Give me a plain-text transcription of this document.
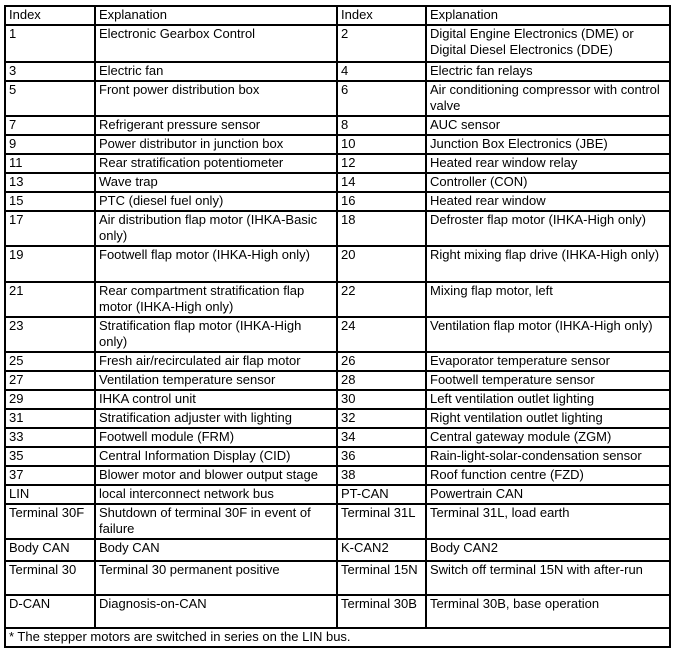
Index	Explanation	Index	Explanation
1	Electronic Gearbox Control	2	Digital Engine Electronics (DME) or Digital Diesel Electronics (DDE)
3	Electric fan	4	Electric fan relays
5	Front power distribution box	6	Air conditioning compressor with control valve
7	Refrigerant pressure sensor	8	AUC sensor
9	Power distributor in junction box	10	Junction Box Electronics (JBE)
11	Rear stratification potentiometer	12	Heated rear window relay
13	Wave trap	14	Controller (CON)
15	PTC (diesel fuel only)	16	Heated rear window
17	Air distribution flap motor (IHKA-Basic only)	18	Defroster flap motor (IHKA-High only)
19	Footwell flap motor (IHKA-High only)	20	Right mixing flap drive (IHKA-High only)
21	Rear compartment stratification flap motor (IHKA-High only)	22	Mixing flap motor, left
23	Stratification flap motor (IHKA-High only)	24	Ventilation flap motor (IHKA-High only)
25	Fresh air/recirculated air flap motor	26	Evaporator temperature sensor
27	Ventilation temperature sensor	28	Footwell temperature sensor
29	IHKA control unit	30	Left ventilation outlet lighting
31	Stratification adjuster with lighting	32	Right ventilation outlet lighting
33	Footwell module (FRM)	34	Central gateway module (ZGM)
35	Central Information Display (CID)	36	Rain-light-solar-condensation sensor
37	Blower motor and blower output stage	38	Roof function centre (FZD)
LIN	local interconnect network bus	PT-CAN	Powertrain CAN
Terminal 30F	Shutdown of terminal 30F in event of failure	Terminal 31L	Terminal 31L, load earth
Body CAN	Body CAN	K-CAN2	Body CAN2
Terminal 30	Terminal 30 permanent positive	Terminal 15N	Switch off terminal 15N with after-run
D-CAN	Diagnosis-on-CAN	Terminal 30B	Terminal 30B, base operation
* The stepper motors are switched in series on the LIN bus.			
